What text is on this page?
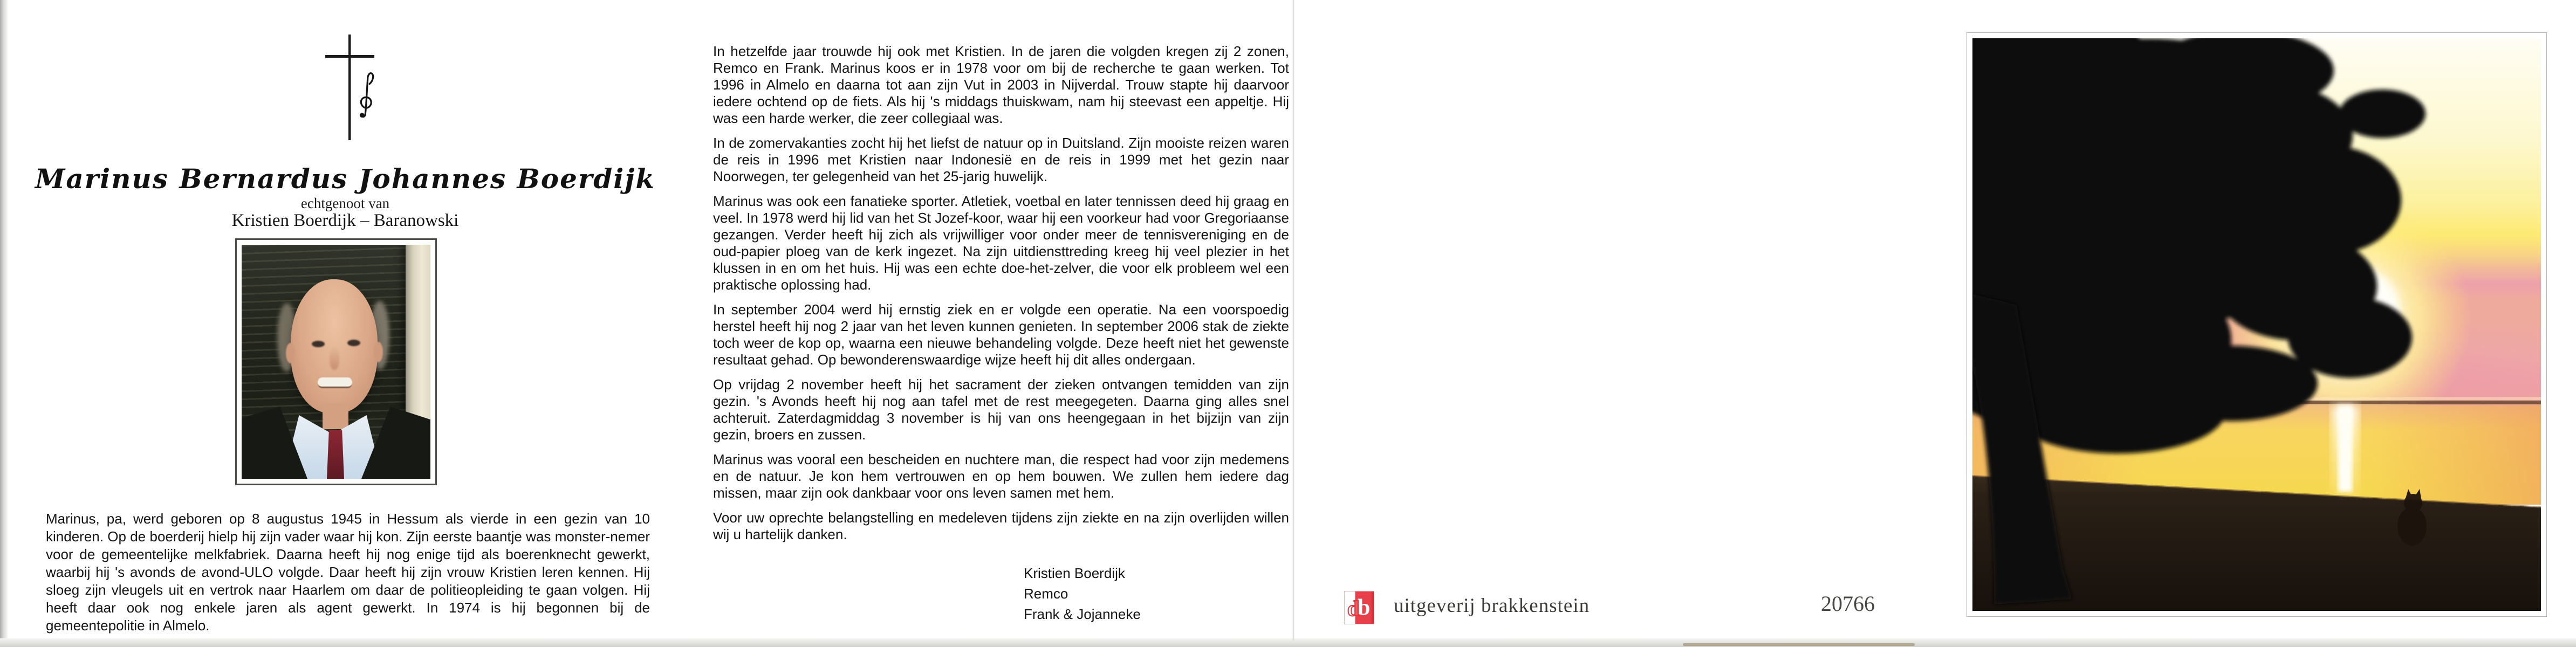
Marinus Bernardus Johannes Boerdijk
echtgenoot van
Kristien Boerdijk – Baranowski
Marinus, pa, werd geboren op 8 augustus 1945 in Hessum als vierde in een gezin van 10 kinderen. Op de boerderij hielp hij zijn vader waar hij kon. Zijn eerste baantje was monster-nemer voor de gemeentelijke melkfabriek. Daarna heeft hij nog enige tijd als boerenknecht gewerkt, waarbij hij 's avonds de avond-ULO volgde. Daar heeft hij zijn vrouw Kristien leren kennen. Hij sloeg zijn vleugels uit en vertrok naar Haarlem om daar de politieopleiding te gaan volgen. Hij heeft daar ook nog enkele jaren als agent gewerkt. In 1974 is hij begonnen bij de gemeentepolitie in Almelo.

In hetzelfde jaar trouwde hij ook met Kristien. In de jaren die volgden kregen zij 2 zonen, Remco en Frank. Marinus koos er in 1978 voor om bij de recherche te gaan werken. Tot 1996 in Almelo en daarna tot aan zijn Vut in 2003 in Nijverdal. Trouw stapte hij daarvoor iedere ochtend op de fiets. Als hij 's middags thuiskwam, nam hij steevast een appeltje. Hij was een harde werker, die zeer collegiaal was.

In de zomervakanties zocht hij het liefst de natuur op in Duitsland. Zijn mooiste reizen waren de reis in 1996 met Kristien naar Indonesië en de reis in 1999 met het gezin naar Noorwegen, ter gelegenheid van het 25-jarig huwelijk.

Marinus was ook een fanatieke sporter. Atletiek, voetbal en later tennissen deed hij graag en veel. In 1978 werd hij lid van het St Jozef-koor, waar hij een voorkeur had voor Gregoriaanse gezangen. Verder heeft hij zich als vrijwilliger voor onder meer de tennisvereniging en de oud-papier ploeg van de kerk ingezet. Na zijn uitdiensttreding kreeg hij veel plezier in het klussen in en om het huis. Hij was een echte doe-het-zelver, die voor elk probleem wel een praktische oplossing had.

In september 2004 werd hij ernstig ziek en er volgde een operatie. Na een voorspoedig herstel heeft hij nog 2 jaar van het leven kunnen genieten. In september 2006 stak de ziekte toch weer de kop op, waarna een nieuwe behandeling volgde. Deze heeft niet het gewenste resultaat gehad. Op bewonderenswaardige wijze heeft hij dit alles ondergaan.

Op vrijdag 2 november heeft hij het sacrament der zieken ontvangen temidden van zijn gezin. 's Avonds heeft hij nog aan tafel met de rest meegegeten. Daarna ging alles snel achteruit. Zaterdagmiddag 3 november is hij van ons heengegaan in het bijzijn van zijn gezin, broers en zussen.

Marinus was vooral een bescheiden en nuchtere man, die respect had voor zijn medemens en de natuur. Je kon hem vertrouwen en op hem bouwen. We zullen hem iedere dag missen, maar zijn ook dankbaar voor ons leven samen met hem.

Voor uw oprechte belangstelling en medeleven tijdens zijn ziekte en na zijn overlijden willen wij u hartelijk danken.

Kristien Boerdijk
Remco
Frank & Jojanneke	d
b uitgeverij brakkenstein	20766
